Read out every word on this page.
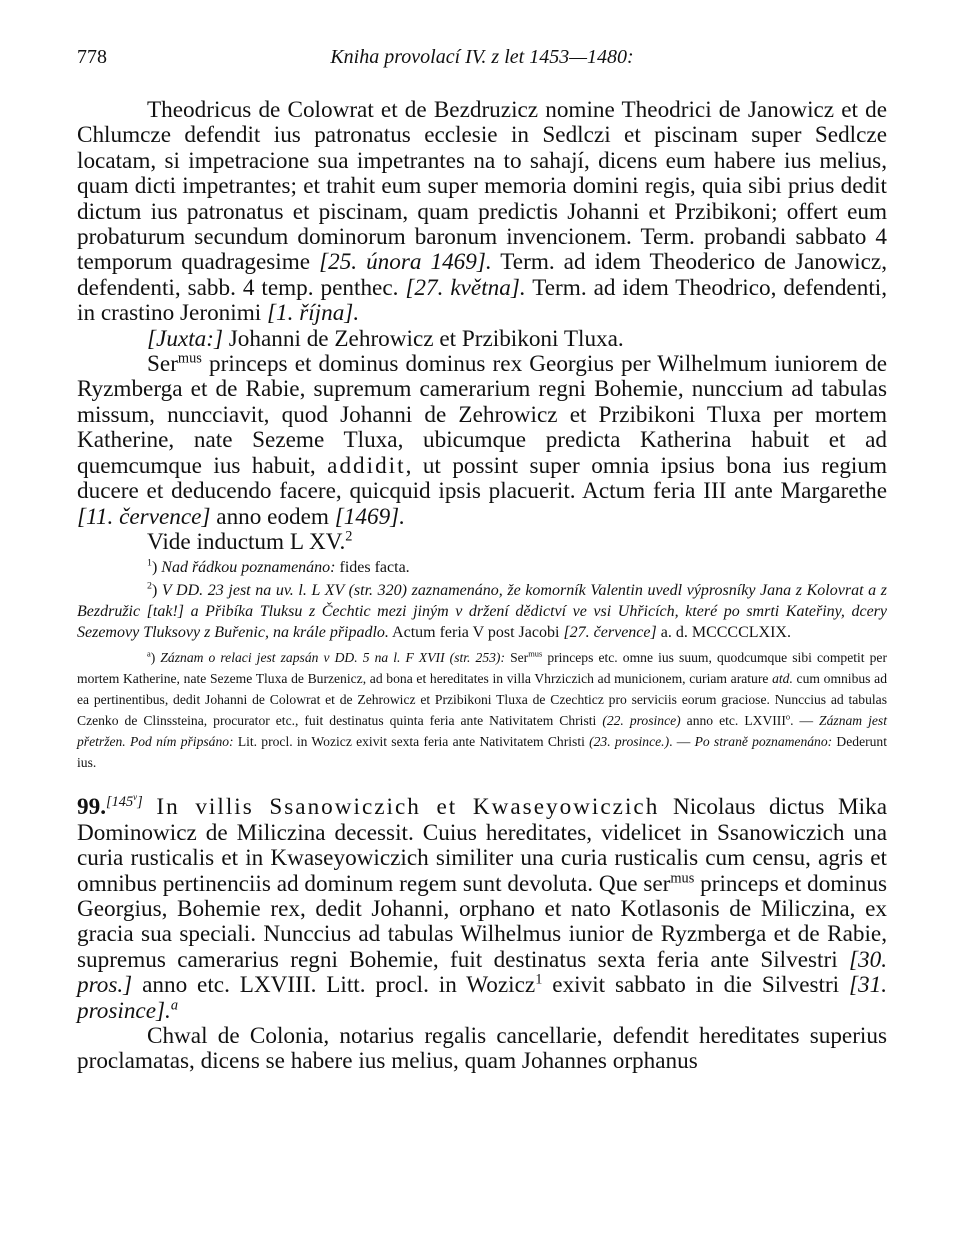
778	Kniha provolací IV. z let 1453—1480:

Theodricus de Colowrat et de Bezdruzicz nomine Theodrici de Janowicz et de Chlumcze defendit ius patronatus ecclesie in Sedlczi et piscinam super Sedlcze locatam, si impetracione sua impetrantes na to sahají, dicens eum habere ius melius, quam dicti impetrantes; et trahit eum super memoria domini regis, quia sibi prius dedit dictum ius patronatus et piscinam, quam predictis Johanni et Przibikoni; offert eum probaturum secundum dominorum baronum invencionem. Term. probandi sabbato 4 temporum quadragesime [25. února 1469]. Term. ad idem Theoderico de Janowicz, defendenti, sabb. 4 temp. penthec. [27. května]. Term. ad idem Theodrico, defendenti, in crastino Jeronimi [1. října].

[Juxta:] Johanni de Zehrowicz et Przibikoni Tluxa.

Ser$^{mus}$ princeps et dominus dominus rex Georgius per Wilhelmum iuniorem de Ryzmberga et de Rabie, supremum camerarium regni Bohemie, nunccium ad tabulas missum, nuncciavit, quod Johanni de Zehrowicz et Przibikoni Tluxa per mortem Katherine, nate Sezeme Tluxa, ubicumque predicta Katherina habuit et ad quemcumque ius habuit, addidit, ut possint super omnia ipsius bona ius regium ducere et deducendo facere, quicquid ipsis placuerit. Actum feria III ante Margarethe [11. července] anno eodem [1469].

Vide inductum L XV.$^2$

$^1$) Nad řádkou poznamenáno: fides facta.

$^2$) V DD. 23 jest na uv. l. L XV (str. 320) zaznamenáno, že komorník Valentin uvedl výprosníky Jana z Kolovrat a z Bezdružic [tak!] a Přibíka Tluksu z Čechtic mezi jiným v držení dědictví ve vsi Uhřicích, které po smrti Kateřiny, dcery Sezemovy Tluksovy z Buřenic, na krále připadlo. Actum feria V post Jacobi [27. července] a. d. MCCCCLXIX.

$^a$) Záznam o relaci jest zapsán v DD. 5 na l. F XVII (str. 253): Ser$^{mus}$ princeps etc. omne ius suum, quodcumque sibi competit per mortem Katherine, nate Sezeme Tluxa de Burzenicz, ad bona et hereditates in villa Vhrziczich ad municionem, curiam arature atd. cum omnibus ad ea pertinentibus, dedit Johanni de Colowrat et de Zehrowicz et Przibikoni Tluxa de Czechticz pro serviciis eorum graciose. Nunccius ad tabulas Czenko de Clinssteina, procurator etc., fuit destinatus quinta feria ante Nativitatem Christi (22. prosince) anno etc. LXVIII$^o$. — Záznam jest přetržen. Pod ním připsáno: Lit. procl. in Wozicz exivit sexta feria ante Nativitatem Christi (23. prosince.). — Po straně poznamenáno: Dederunt ius.

99.[145v] In villis Ssanowiczich et Kwaseyowiczich Nicolaus dictus Mika Dominowicz de Miliczina decessit. Cuius hereditates, videlicet in Ssanowiczich una curia rusticalis et in Kwaseyowiczich similiter una curia rusticalis cum censu, agris et omnibus pertinenciis ad dominum regem sunt devoluta. Que ser$^{mus}$ princeps et dominus Georgius, Bohemie rex, dedit Johanni, orphano et nato Kotlasonis de Miliczina, ex gracia sua speciali. Nunccius ad tabulas Wilhelmus iunior de Ryzmberga et de Rabie, supremus camerarius regni Bohemie, fuit destinatus sexta feria ante Silvestri [30. pros.] anno etc. LXVIII. Litt. procl. in Wozicz$^1$ exivit sabbato in die Silvestri [31. prosince].$^a$

Chwal de Colonia, notarius regalis cancellarie, defendit hereditates superius proclamatas, dicens se habere ius melius, quam Johannes orphanus
